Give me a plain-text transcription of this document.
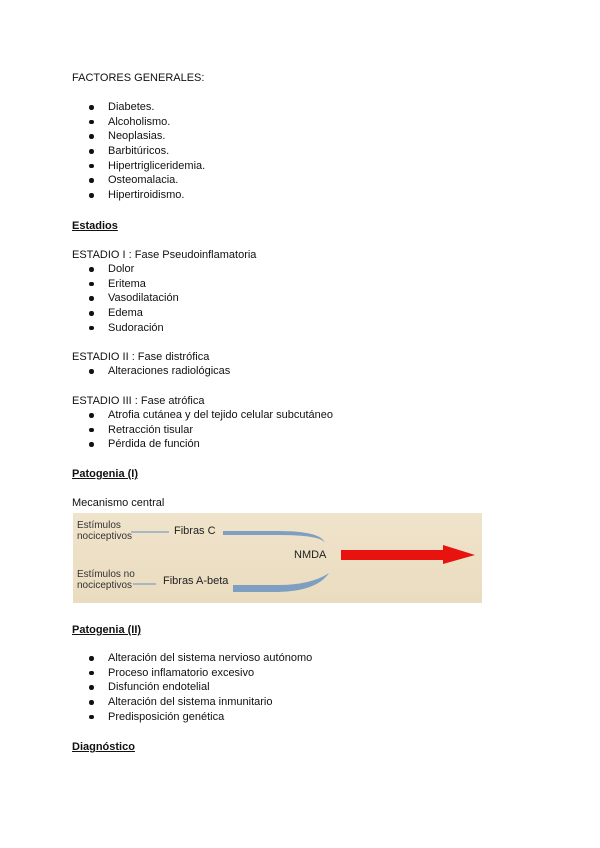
FACTORES GENERALES:
Diabetes.
Alcoholismo.
Neoplasias.
Barbitúricos.
Hipertrigliceridemia.
Osteomalacia.
Hipertiroidismo.
Estadios
ESTADIO I : Fase Pseudoinflamatoria
Dolor
Eritema
Vasodilatación
Edema
Sudoración
ESTADIO II : Fase distrófica
Alteraciones radiológicas
ESTADIO III : Fase atrófica
Atrofia cutánea y del tejido celular subcutáneo
Retracción tisular
Pérdida de función
Patogenia (I)
Mecanismo central
Estímulos
nociceptivos	Fibras C
NMDA
Estímulos no
nociceptivos	Fibras A-beta
Patogenia (II)
Alteración del sistema nervioso autónomo
Proceso inflamatorio excesivo
Disfunción endotelial
Alteración del sistema inmunitario
Predisposición genética
Diagnóstico
